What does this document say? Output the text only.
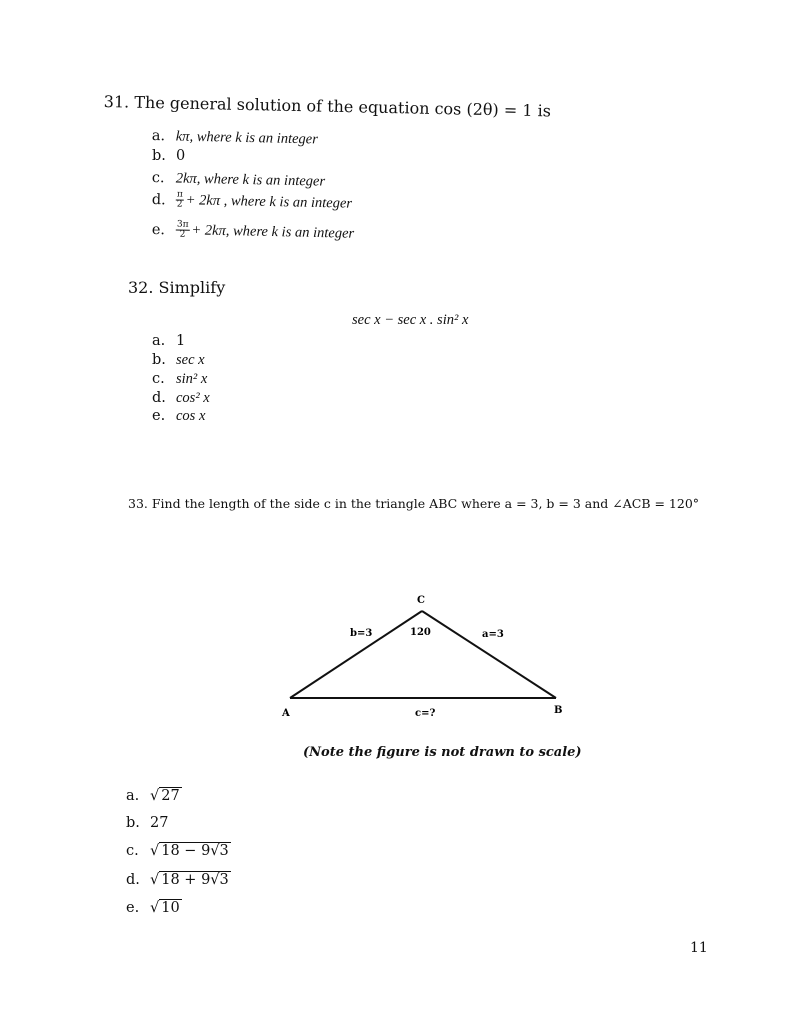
31. The general solution of the equation cos (2θ) = 1 is
a. kπ, where k is an integer
b. 0
c. 2kπ, where k is an integer
d. $\frac{\pi}{2} + 2k\pi$ , where k is an integer
e. $\frac{3\pi}{2} + 2k\pi$, where k is an integer
32. Simplify
sec x − sec x . sin² x
a. 1
b. sec x
c. sin² x
d. cos² x
e. cos x
33. Find the length of the side c in the triangle ABC where a = 3, b = 3 and ∠ACB = 120°
C
A	B
b=3	120	a=3
c=?
(Note the figure is not drawn to scale)
a. √ 27
b. 27
c. √ 18 − 9√3
d. √ 18 + 9√3
e. √ 10
11
